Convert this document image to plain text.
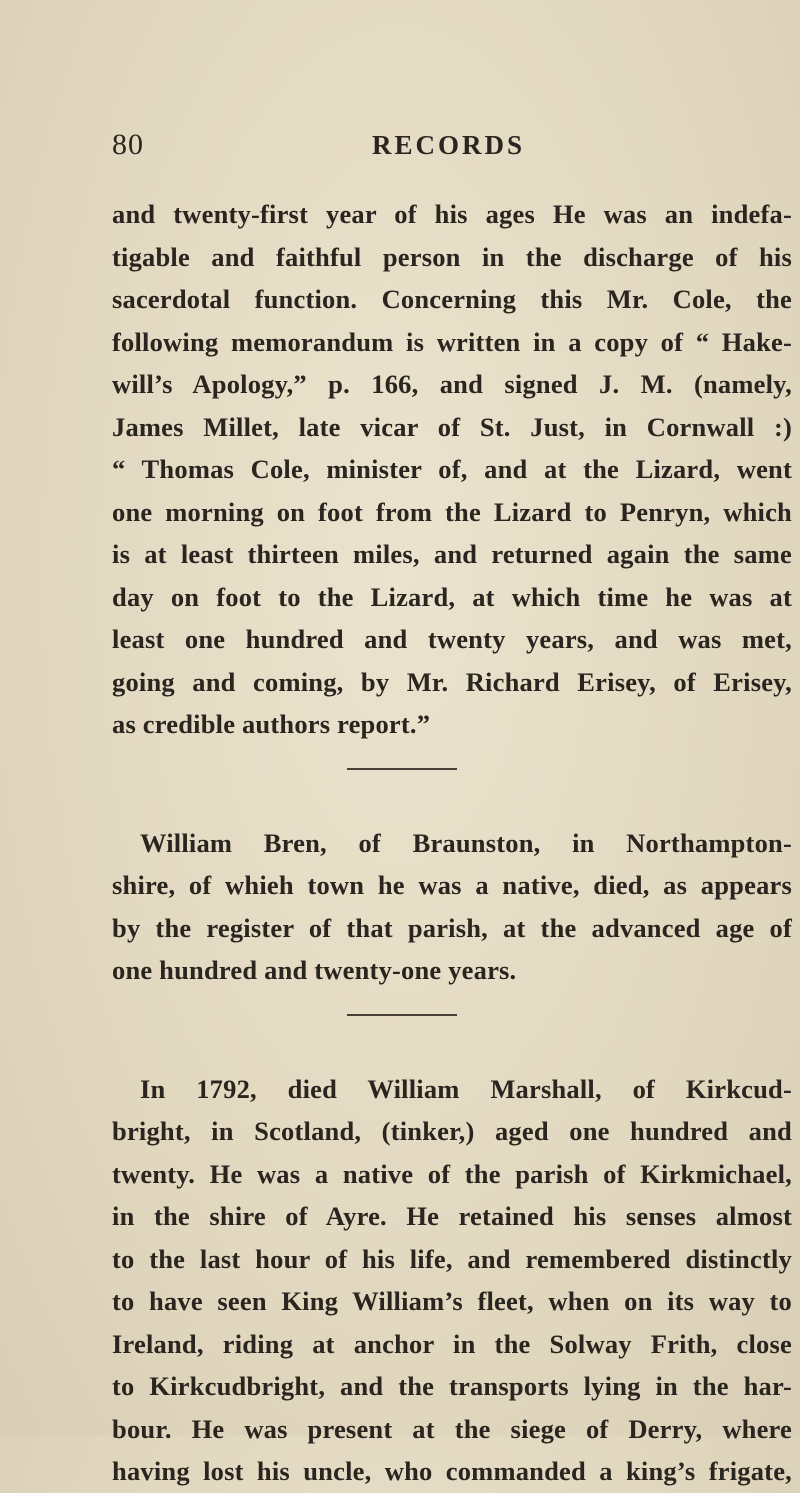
80	RECORDS
and twenty-first year of his ages He was an indefa-
tigable and faithful person in the discharge of his
sacerdotal function. Concerning this Mr. Cole, the
following memorandum is written in a copy of “ Hake-
will’s Apology,” p. 166, and signed J. M. (namely,
James Millet, late vicar of St. Just, in Cornwall :)
“ Thomas Cole, minister of, and at the Lizard, went
one morning on foot from the Lizard to Penryn, which
is at least thirteen miles, and returned again the same
day on foot to the Lizard, at which time he was at
least one hundred and twenty years, and was met,
going and coming, by Mr. Richard Erisey, of Erisey,
as credible authors report.”
William Bren, of Braunston, in Northampton-
shire, of whieh town he was a native, died, as appears
by the register of that parish, at the advanced age of
one hundred and twenty-one years.
In 1792, died William Marshall, of Kirkcud-
bright, in Scotland, (tinker,) aged one hundred and
twenty. He was a native of the parish of Kirkmichael,
in the shire of Ayre. He retained his senses almost
to the last hour of his life, and remembered distinctly
to have seen King William’s fleet, when on its way to
Ireland, riding at anchor in the Solway Frith, close
to Kirkcudbright, and the transports lying in the har-
bour. He was present at the siege of Derry, where
having lost his uncle, who commanded a king’s frigate,
